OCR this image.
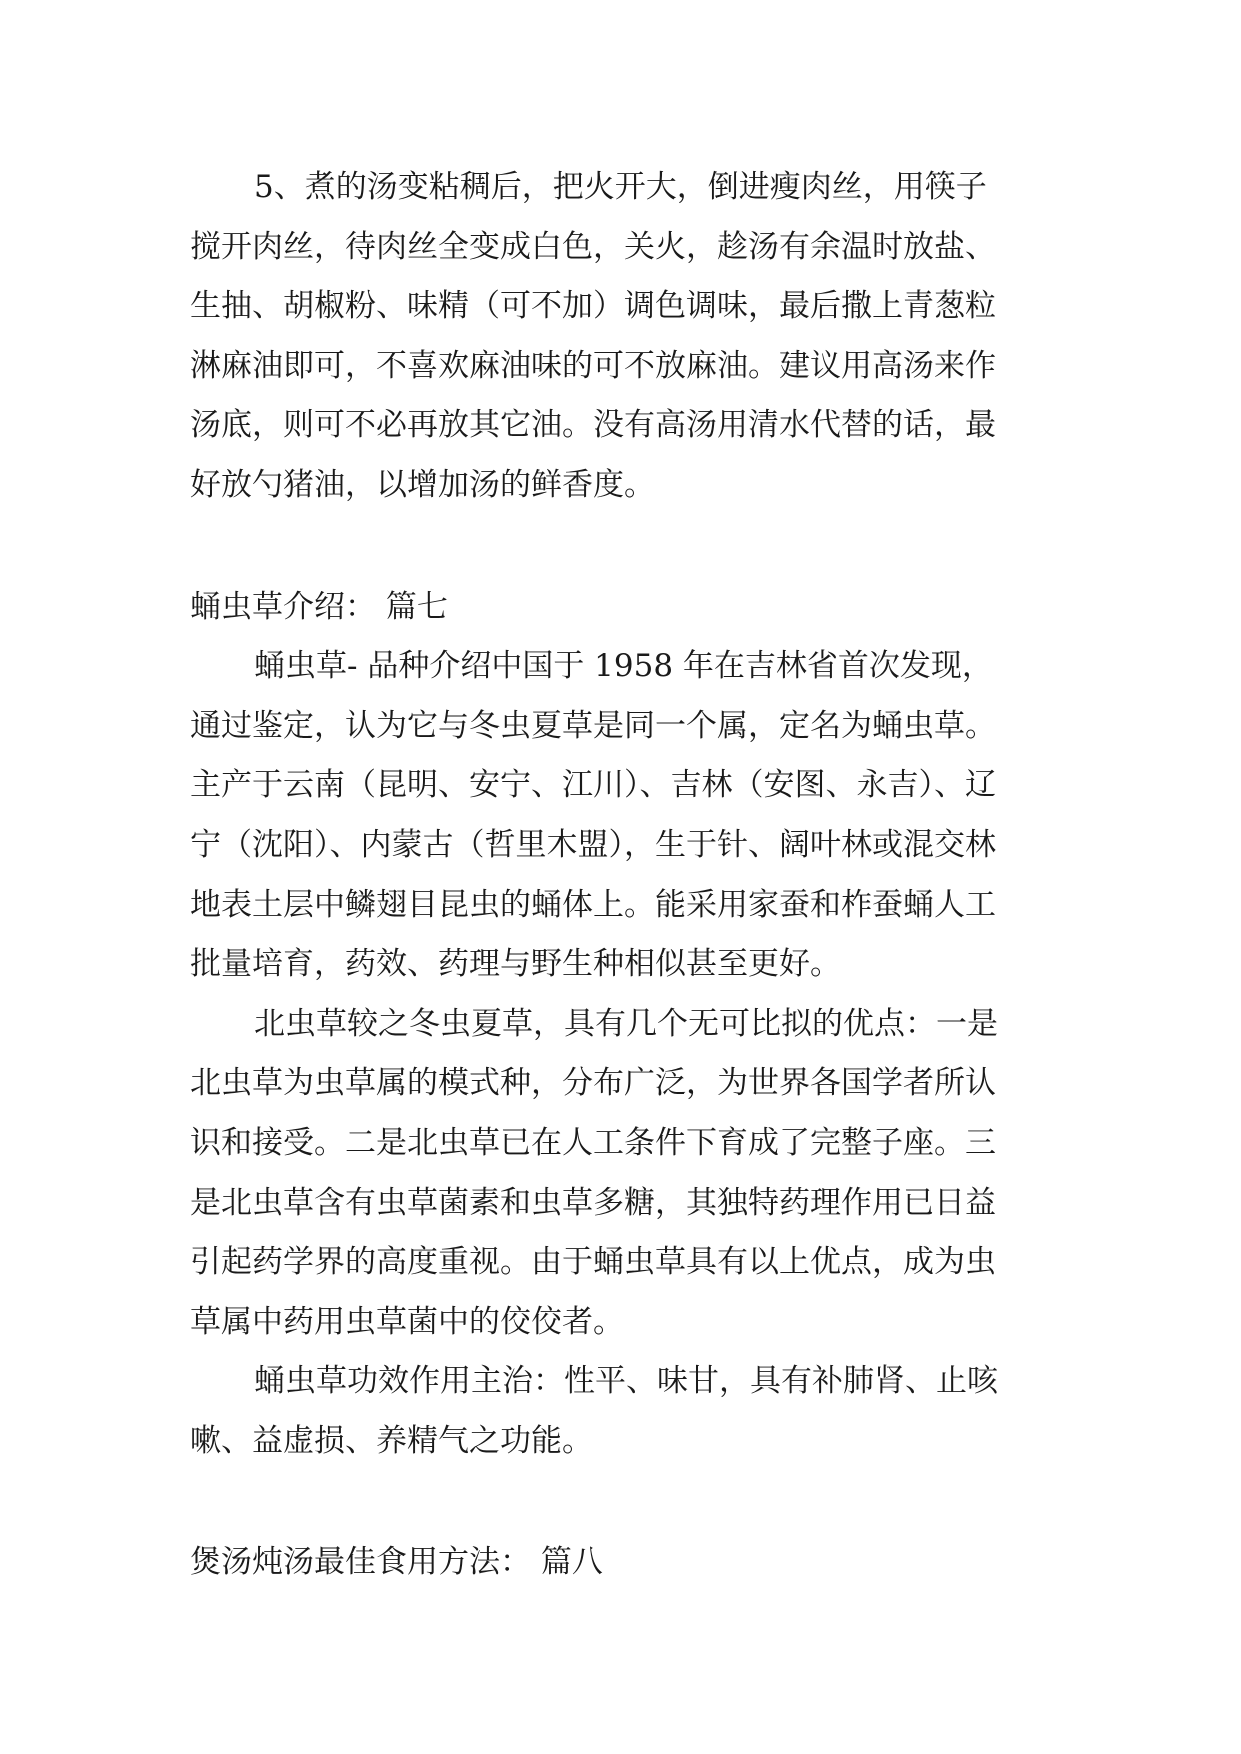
5、煮的汤变粘稠后，把火开大，倒进瘦肉丝，用筷子
搅开肉丝，待肉丝全变成白色，关火，趁汤有余温时放盐、
生抽、胡椒粉、味精（可不加）调色调味，最后撒上青葱粒
淋麻油即可，不喜欢麻油味的可不放麻油。建议用高汤来作
汤底，则可不必再放其它油。没有高汤用清水代替的话，最
好放勺猪油，以增加汤的鲜香度。
蛹虫草介绍： 篇七
蛹虫草- 品种介绍中国于 1958 年在吉林省首次发现，
通过鉴定，认为它与冬虫夏草是同一个属，定名为蛹虫草。
主产于云南（昆明、安宁、江川）、吉林（安图、永吉）、辽
宁（沈阳）、内蒙古（哲里木盟），生于针、阔叶林或混交林
地表土层中鳞翅目昆虫的蛹体上。能采用家蚕和柞蚕蛹人工
批量培育，药效、药理与野生种相似甚至更好。
北虫草较之冬虫夏草，具有几个无可比拟的优点：一是
北虫草为虫草属的模式种，分布广泛，为世界各国学者所认
识和接受。二是北虫草已在人工条件下育成了完整子座。三
是北虫草含有虫草菌素和虫草多糖，其独特药理作用已日益
引起药学界的高度重视。由于蛹虫草具有以上优点，成为虫
草属中药用虫草菌中的佼佼者。
蛹虫草功效作用主治：性平、味甘，具有补肺肾、止咳
嗽、益虚损、养精气之功能。
煲汤炖汤最佳食用方法： 篇八
